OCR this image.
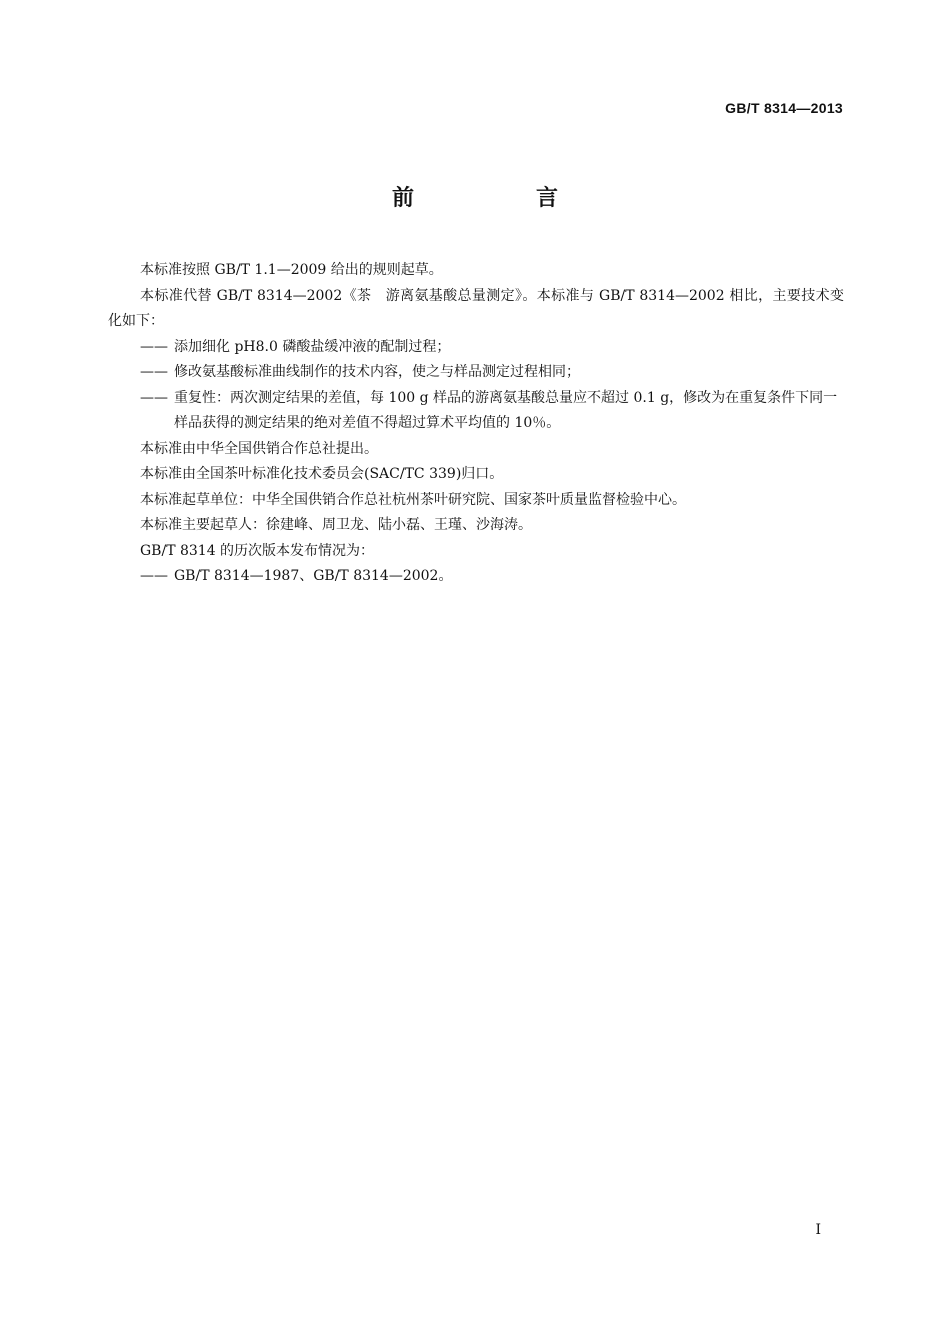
GB/T 8314—2013
前　言

本标准按照 GB/T 1.1—2009 给出的规则起草。

本标准代替 GB/T 8314—2002《茶　游离氨基酸总量测定》。本标准与 GB/T 8314—2002 相比，主要技术变化如下：

—— 添加细化 pH8.0 磷酸盐缓冲液的配制过程；

—— 修改氨基酸标准曲线制作的技术内容，使之与样品测定过程相同；

—— 重复性：两次测定结果的差值，每 100 g 样品的游离氨基酸总量应不超过 0.1 g，修改为在重复条件下同一样品获得的测定结果的绝对差值不得超过算术平均值的 10％。

本标准由中华全国供销合作总社提出。

本标准由全国茶叶标准化技术委员会(SAC/TC 339)归口。

本标准起草单位：中华全国供销合作总社杭州茶叶研究院、国家茶叶质量监督检验中心。

本标准主要起草人：徐建峰、周卫龙、陆小磊、王瑾、沙海涛。

GB/T 8314 的历次版本发布情况为：

—— GB/T 8314—1987、GB/T 8314—2002。

I
